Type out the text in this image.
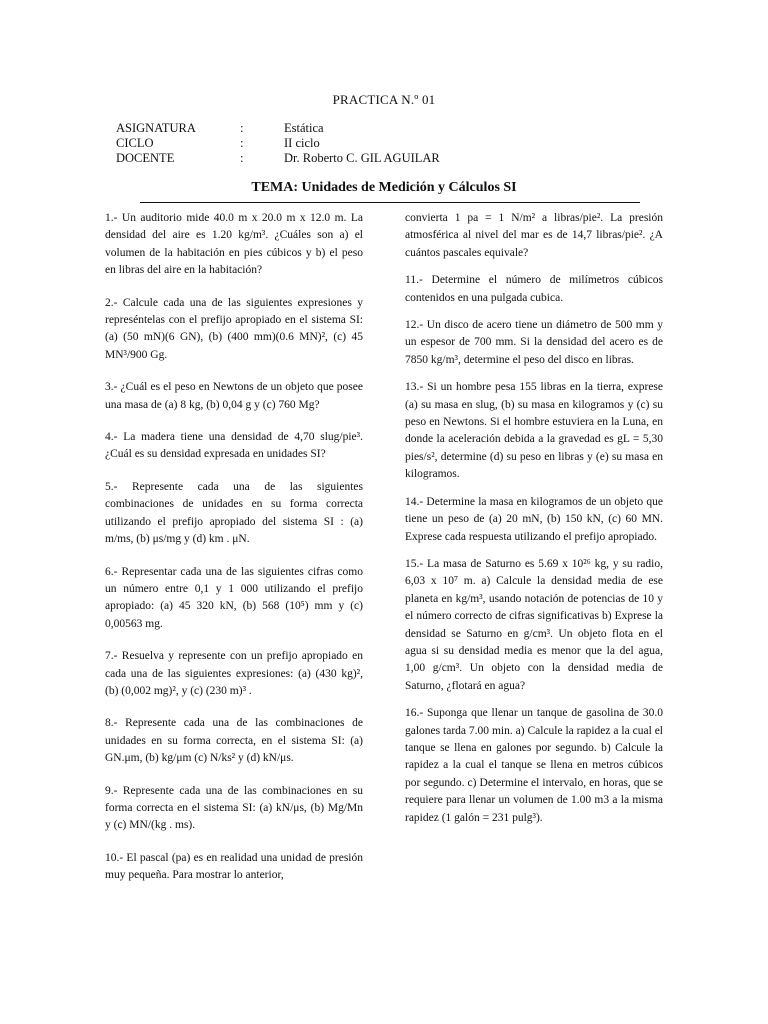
PRACTICA N.º 01
ASIGNATURA	:	Estática
CICLO	:	II ciclo
DOCENTE	:	Dr. Roberto C. GIL AGUILAR
TEMA: Unidades de Medición y Cálculos SI

1.- Un auditorio mide 40.0 m x 20.0 m x 12.0 m. La densidad del aire es 1.20 kg/m³. ¿Cuáles son a) el volumen de la habitación en pies cúbicos y b) el peso en libras del aire en la habitación?

2.- Calcule cada una de las siguientes expresiones y represéntelas con el prefijo apropiado en el sistema SI: (a) (50 mN)(6 GN), (b) (400 mm)(0.6 MN)², (c) 45 MN³/900 Gg.

3.- ¿Cuál es el peso en Newtons de un objeto que posee una masa de (a) 8 kg, (b) 0,04 g y (c) 760 Mg?

4.- La madera tiene una densidad de 4,70 slug/pie³. ¿Cuál es su densidad expresada en unidades SI?

5.- Represente cada una de las siguientes combinaciones de unidades en su forma correcta utilizando el prefijo apropiado del sistema SI : (a) m/ms, (b) μs/mg y (d) km . μN.

6.- Representar cada una de las siguientes cifras como un número entre 0,1 y 1 000 utilizando el prefijo apropiado: (a) 45 320 kN, (b) 568 (10⁵) mm y (c) 0,00563 mg.

7.- Resuelva y represente con un prefijo apropiado en cada una de las siguientes expresiones: (a) (430 kg)², (b) (0,002 mg)², y (c) (230 m)³ .

8.- Represente cada una de las combinaciones de unidades en su forma correcta, en el sistema SI: (a) GN.μm, (b) kg/μm (c) N/ks² y (d) kN/μs.

9.- Represente cada una de las combinaciones en su forma correcta en el sistema SI: (a) kN/μs, (b) Mg/Mn y (c) MN/(kg . ms).

10.- El pascal (pa) es en realidad una unidad de presión muy pequeña. Para mostrar lo anterior,

convierta 1 pa = 1 N/m² a libras/pie². La presión atmosférica al nivel del mar es de 14,7 libras/pie². ¿A cuántos pascales equivale?

11.- Determine el número de milímetros cúbicos contenidos en una pulgada cubica.

12.- Un disco de acero tiene un diámetro de 500 mm y un espesor de 700 mm. Si la densidad del acero es de 7850 kg/m³, determine el peso del disco en libras.

13.- Si un hombre pesa 155 libras en la tierra, exprese (a) su masa en slug, (b) su masa en kilogramos y (c) su peso en Newtons. Si el hombre estuviera en la Luna, en donde la aceleración debida a la gravedad es gL = 5,30 pies/s², determine (d) su peso en libras y (e) su masa en kilogramos.

14.- Determine la masa en kilogramos de un objeto que tiene un peso de (a) 20 mN, (b) 150 kN, (c) 60 MN. Exprese cada respuesta utilizando el prefijo apropiado.

15.- La masa de Saturno es 5.69 x 10²⁶ kg, y su radio, 6,03 x 10⁷ m. a) Calcule la densidad media de ese planeta en kg/m³, usando notación de potencias de 10 y el número correcto de cifras significativas b) Exprese la densidad se Saturno en g/cm³. Un objeto flota en el agua si su densidad media es menor que la del agua, 1,00 g/cm³. Un objeto con la densidad media de Saturno, ¿flotará en agua?

16.- Suponga que llenar un tanque de gasolina de 30.0 galones tarda 7.00 min. a) Calcule la rapidez a la cual el tanque se llena en galones por segundo. b) Calcule la rapidez a la cual el tanque se llena en metros cúbicos por segundo. c) Determine el intervalo, en horas, que se requiere para llenar un volumen de 1.00 m3 a la misma rapidez (1 galón = 231 pulg³).
